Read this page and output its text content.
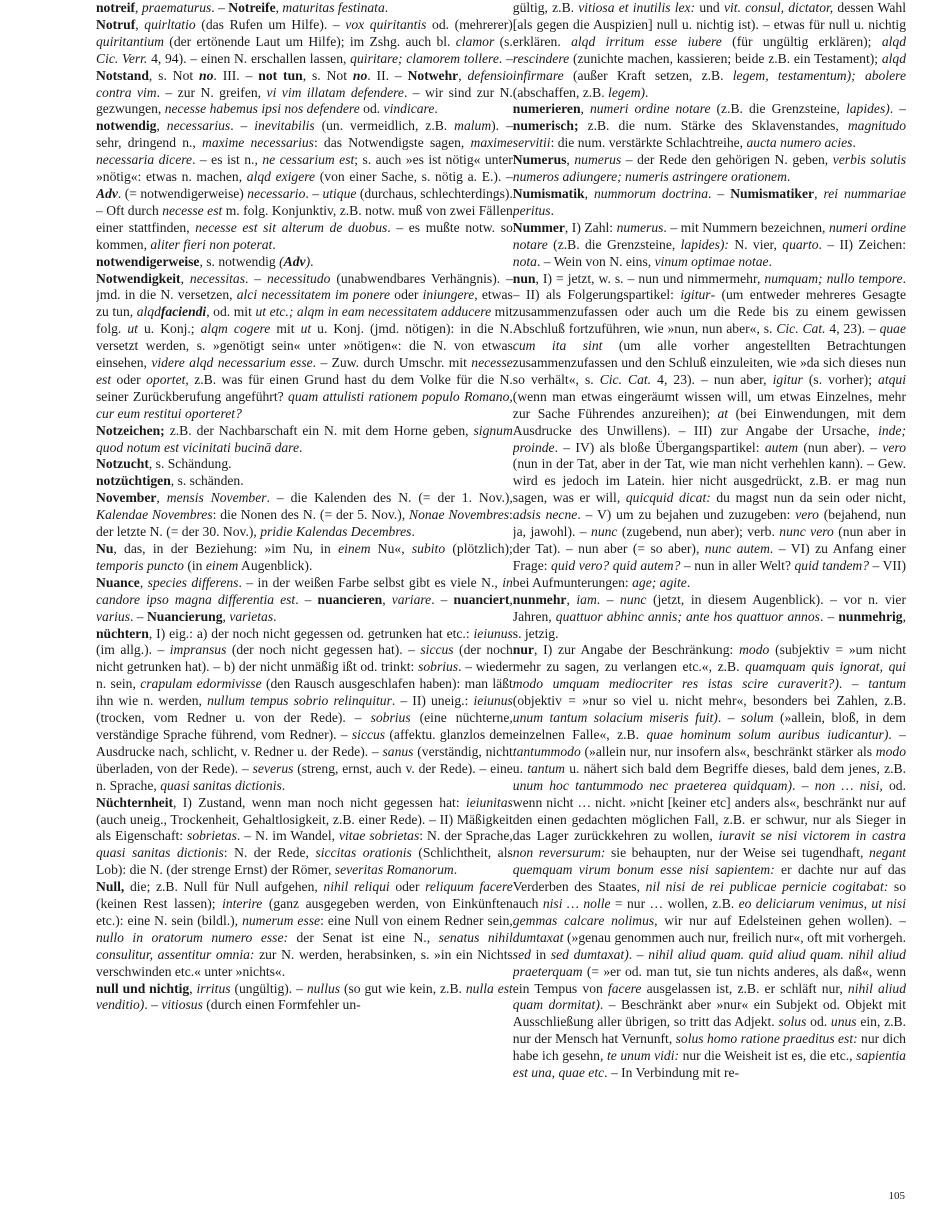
notreif, praematurus. – Notreife, maturitas festinata.

Notruf, quirltatio (das Rufen um Hilfe). – vox quiritantis od. (mehrerer) quiritantium (der ertönende Laut um Hilfe); im Zshg. auch bl. clamor (s. Cic. Verr. 4, 94). – einen N. erschallen lassen, quiritare; clamorem tollere. – Notstand, s. Not no. III. – not tun, s. Not no. II. – Notwehr, defensio contra vim. – zur N. greifen, vi vim illatam defendere. – wir sind zur N. gezwungen, necesse habemus ipsi nos defendere od. vindicare.

notwendig, necessarius. – inevitabilis (un. vermeidlich, z.B. malum). – sehr, dringend n., maxime necessarius: das Notwendigste sagen, maxime necessaria dicere. – es ist n., ne cessarium est; s. auch »es ist nötig« unter »nötig«: etwas n. machen, alqd exigere (von einer Sache, s. nötig a. E.). – Adv. (= notwendigerweise) necessario. – utique (durchaus, schlechterdings). – Oft durch necesse est m. folg. Konjunktiv, z.B. notw. muß von zwei Fällen einer stattfinden, necesse est sit alterum de duobus. – es mußte notw. so kommen, aliter fieri non poterat.

notwendigerweise, s. notwendig (Adv).

Notwendigkeit, necessitas. – necessitudo (unabwendbares Verhängnis). – jmd. in die N. versetzen, alci necessitatem im ponere oder iniungere, etwas zu tun, alqdfaciendi, od. mit ut etc.; alqm in eam necessitatem adducere mit folg. ut u. Konj.; alqm cogere mit ut u. Konj. (jmd. nötigen): in die N. versetzt werden, s. »genötigt sein« unter »nötigen«: die N. von etwas einsehen, videre alqd necessarium esse. – Zuw. durch Umschr. mit necesse est oder oportet, z.B. was für einen Grund hast du dem Volke für die N. seiner Zurückberufung angeführt? quam attulisti rationem populo Romano, cur eum restitui oporteret?

Notzeichen; z.B. der Nachbarschaft ein N. mit dem Horne geben, signum quod notum est vicinitati bucinā dare.

Notzucht, s. Schändung.

notzüchtigen, s. schänden.

November, mensis November. – die Kalenden des N. (= der 1. Nov.), Kalendae Novembres: die Nonen des N. (= der 5. Nov.), Nonae Novembres: der letzte N. (= der 30. Nov.), pridie Kalendas Decembres.

Nu, das, in der Beziehung: »im Nu, in einem Nu«, subito (plötzlich); temporis puncto (in einem Augenblick).

Nuance, species differens. – in der weißen Farbe selbst gibt es viele N., in candore ipso magna differentia est. – nuancieren, variare. – nuanciert, varius. – Nuancierung, varietas.

nüchtern, I) eig.: a) der noch nicht gegessen od. getrunken hat etc.: ieiunus (im allg.). – impransus (der noch nicht gegessen hat). – siccus (der noch nicht getrunken hat). – b) der nicht unmäßig ißt od. trinkt: sobrius. – wieder n. sein, crapulam edormivisse (den Rausch ausgeschlafen haben): man läßt ihn wie n. werden, nullum tempus sobrio relinquitur. – II) uneig.: ieiunus (trocken, vom Redner u. von der Rede). – sobrius (eine nüchterne, verständige Sprache führend, vom Redner). – siccus (affektu. glanzlos dem Ausdrucke nach, schlicht, v. Redner u. der Rede). – sanus (verständig, nicht überladen, von der Rede). – severus (streng, ernst, auch v. der Rede). – eine n. Sprache, quasi sanitas dictionis.

Nüchternheit, I) Zustand, wenn man noch nicht gegessen hat: ieiunitas (auch uneig., Trockenheit, Gehaltlosigkeit, z.B. einer Rede). – II) Mäßigkeit als Eigenschaft: sobrietas. – N. im Wandel, vitae sobrietas: N. der Sprache, quasi sanitas dictionis: N. der Rede, siccitas orationis (Schlichtheit, als Lob): die N. (der strenge Ernst) der Römer, severitas Romanorum.

Null, die; z.B. Null für Null aufgehen, nihil reliqui oder reliquum facere (keinen Rest lassen); interire (ganz ausgegeben werden, von Einkünften etc.): eine N. sein (bildl.), numerum esse: eine Null von einem Redner sein, nullo in oratorum numero esse: der Senat ist eine N., senatus nihil consulitur, assentitur omnia: zur N. werden, herabsinken, s. »in ein Nichts verschwinden etc.« unter »nichts«.

null und nichtig, irritus (ungültig). – nullus (so gut wie kein, z.B. nulla est venditio). – vitiosus (durch einen Formfehler un-

gültig, z.B. vitiosa et inutilis lex: und vit. consul, dictator, dessen Wahl [als gegen die Auspizien] null u. nichtig ist). – etwas für null u. nichtig erklären. alqd irritum esse iubere (für ungültig erklären); alqd rescindere (zunichte machen, kassieren; beide z.B. ein Testament); alqd infirmare (außer Kraft setzen, z.B. legem, testamentum); abolere (abschaffen, z.B. legem).

numerieren, numeri ordine notare (z.B. die Grenzsteine, lapides). – numerisch; z.B. die num. Stärke des Sklavenstandes, magnitudo servitii: die num. verstärkte Schlachtreihe, aucta numero acies.

Numerus, numerus – der Rede den gehörigen N. geben, verbis solutis numeros adiungere; numeris astringere orationem.

Numismatik, nummorum doctrina. – Numismatiker, rei nummariae peritus.

Nummer, I) Zahl: numerus. – mit Nummern bezeichnen, numeri ordine notare (z.B. die Grenzsteine, lapides): N. vier, quarto. – II) Zeichen: nota. – Wein von N. eins, vinum optimae notae.

nun, I) = jetzt, w. s. – nun und nimmermehr, numquam; nullo tempore. – II) als Folgerungspartikel: igitur- (um entweder mehreres Gesagte zusammenzufassen oder auch um die Rede bis zu einem gewissen Abschluß fortzuführen, wie »nun, nun aber«, s. Cic. Cat. 4, 23). – quae cum ita sint (um alle vorher angestellten Betrachtungen zusammenzufassen und den Schluß einzuleiten, wie »da sich dieses nun so verhält«, s. Cic. Cat. 4, 23). – nun aber, igitur (s. vorher); atqui (wenn man etwas eingeräumt wissen will, um etwas Einzelnes, mehr zur Sache Führendes anzureihen); at (bei Einwendungen, mit dem Ausdrucke des Unwillens). – III) zur Angabe der Ursache, inde; proinde. – IV) als bloße Übergangspartikel: autem (nun aber). – vero (nun in der Tat, aber in der Tat, wie man nicht verhehlen kann). – Gew. wird es jedoch im Latein. hier nicht ausgedrückt, z.B. er mag nun sagen, was er will, quicquid dicat: du magst nun da sein oder nicht, adsis necne. – V) um zu bejahen und zuzugeben: vero (bejahend, nun ja, jawohl). – nunc (zugebend, nun aber); verb. nunc vero (nun aber in der Tat). – nun aber (= so aber), nunc autem. – VI) zu Anfang einer Frage: quid vero? quid autem? – nun in aller Welt? quid tandem? – VII) bei Aufmunterungen: age; agite.

nunmehr, iam. – nunc (jetzt, in diesem Augenblick). – vor n. vier Jahren, quattuor abhinc annis; ante hos quattuor annos. – nunmehrig, s. jetzig.

nur, I) zur Angabe der Beschränkung: modo (subjektiv = »um nicht mehr zu sagen, zu verlangen etc.«, z.B. quamquam quis ignorat, qui modo umquam mediocriter res istas scire curaverit?). – tantum (objektiv = »nur so viel u. nicht mehr«, besonders bei Zahlen, z.B. unum tantum solacium miseris fuit). – solum (»allein, bloß, in dem einzelnen Falle«, z.B. quae hominum solum auribus iudicantur). – tantummodo (»allein nur, nur insofern als«, beschränkt stärker als modo u. tantum u. nähert sich bald dem Begriffe dieses, bald dem jenes, z.B. unum hoc tantummodo nec praeterea quidquam). – non … nisi, od. wenn nicht … nicht. »nicht [keiner etc] anders als«, beschränkt nur auf den einen gedachten möglichen Fall, z.B. er schwur, nur als Sieger in das Lager zurückkehren zu wollen, iuravit se nisi victorem in castra non reversurum: sie behaupten, nur der Weise sei tugendhaft, negant quemquam virum bonum esse nisi sapientem: er dachte nur auf das Verderben des Staates, nil nisi de rei publicae pernicie cogitabat: so auch nisi … nolle = nur … wollen, z.B. eo deliciarum venimus, ut nisi gemmas calcare nolimus, wir nur auf Edelsteinen gehen wollen). – dumtaxat (»genau genommen auch nur, freilich nur«, oft mit vorhergeh. sed in sed dumtaxat). – nihil aliud quam. quid aliud quam. nihil aliud praeterquam (= »er od. man tut, sie tun nichts anderes, als daß«, wenn ein Tempus von facere ausgelassen ist, z.B. er schläft nur, nihil aliud quam dormitat). – Beschränkt aber »nur« ein Subjekt od. Objekt mit Ausschließung aller übrigen, so tritt das Adjekt. solus od. unus ein, z.B. nur der Mensch hat Vernunft, solus homo ratione praeditus est: nur dich habe ich gesehn, te unum vidi: nur die Weisheit ist es, die etc., sapientia est una, quae etc. – In Verbindung mit re-

105
